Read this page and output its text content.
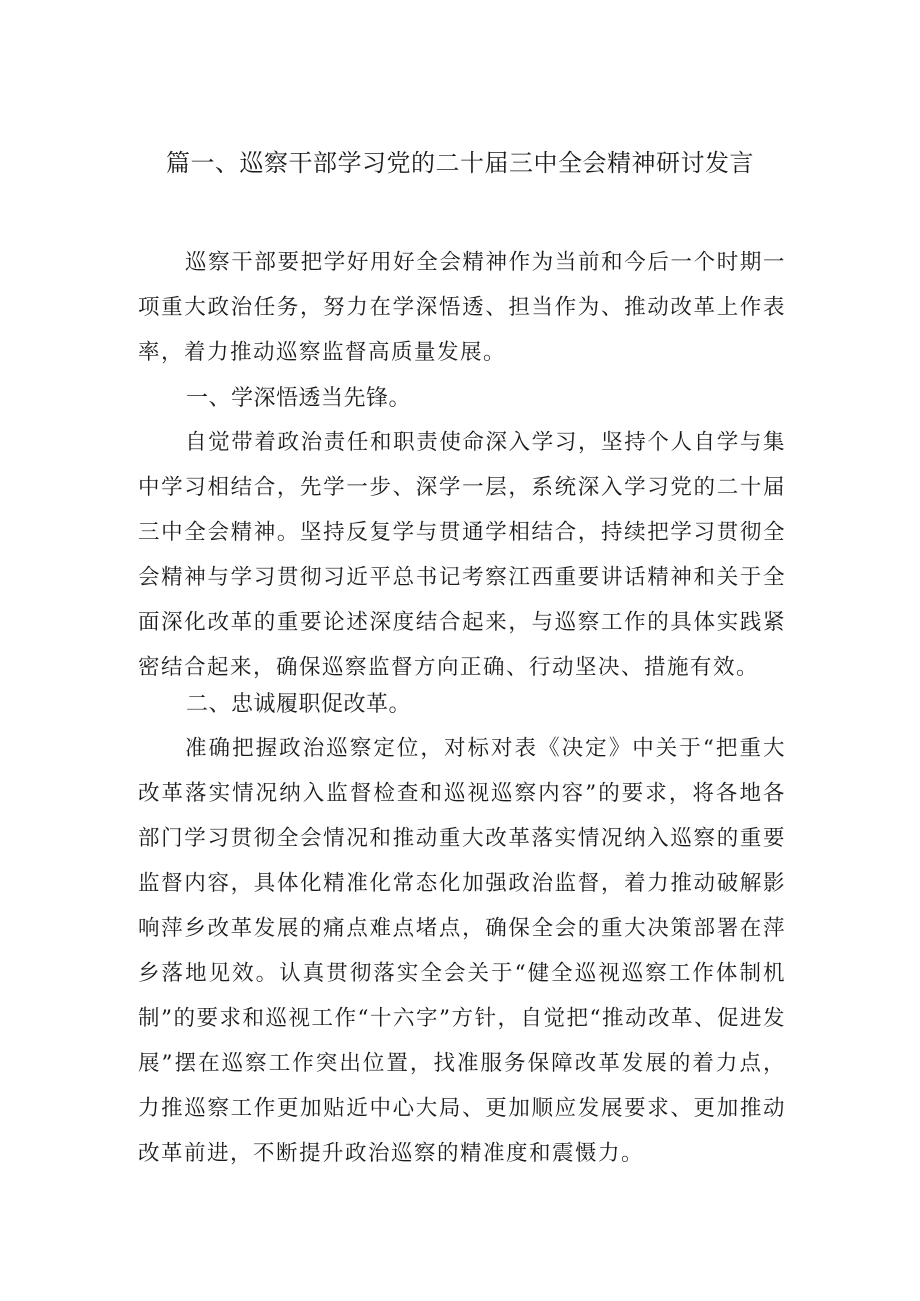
篇一、巡察干部学习党的二十届三中全会精神研讨发言

巡察干部要把学好用好全会精神作为当前和今后一个时期一项重大政治任务，努力在学深悟透、担当作为、推动改革上作表率，着力推动巡察监督高质量发展。

一、学深悟透当先锋。

自觉带着政治责任和职责使命深入学习，坚持个人自学与集中学习相结合，先学一步、深学一层，系统深入学习党的二十届三中全会精神。坚持反复学与贯通学相结合，持续把学习贯彻全会精神与学习贯彻习近平总书记考察江西重要讲话精神和关于全面深化改革的重要论述深度结合起来，与巡察工作的具体实践紧密结合起来，确保巡察监督方向正确、行动坚决、措施有效。

二、忠诚履职促改革。

准确把握政治巡察定位，对标对表《决定》中关于“把重大改革落实情况纳入监督检查和巡视巡察内容”的要求，将各地各部门学习贯彻全会情况和推动重大改革落实情况纳入巡察的重要监督内容，具体化精准化常态化加强政治监督，着力推动破解影响萍乡改革发展的痛点难点堵点，确保全会的重大决策部署在萍乡落地见效。认真贯彻落实全会关于“健全巡视巡察工作体制机制”的要求和巡视工作“十六字”方针，自觉把“推动改革、促进发展”摆在巡察工作突出位置，找准服务保障改革发展的着力点，力推巡察工作更加贴近中心大局、更加顺应发展要求、更加推动改革前进，不断提升政治巡察的精准度和震慑力。
